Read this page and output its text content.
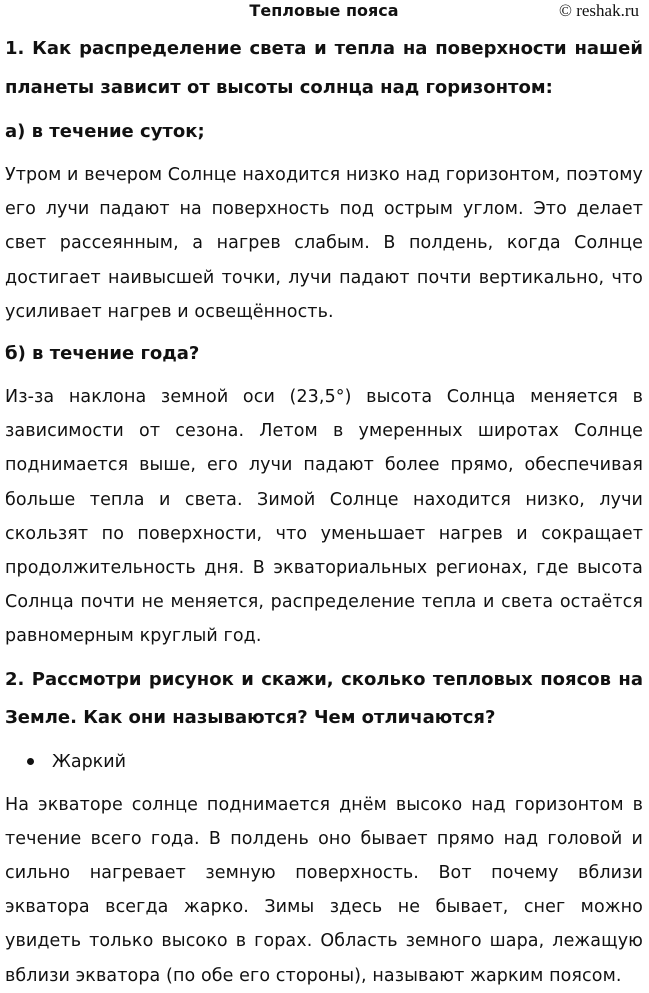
Тепловые пояса	© reshak.ru
1. Как распределение света и тепла на поверхности нашей планеты зависит от высоты солнца над горизонтом:
а) в течение суток;
Утром и вечером Солнце находится низко над горизонтом, поэтому его лучи падают на поверхность под острым углом. Это делает свет рассеянным, а нагрев слабым. В полдень, когда Солнце достигает наивысшей точки, лучи падают почти вертикально, что усиливает нагрев и освещённость.
б) в течение года?
Из-за наклона земной оси (23,5°) высота Солнца меняется в зависимости от сезона. Летом в умеренных широтах Солнце поднимается выше, его лучи падают более прямо, обеспечивая больше тепла и света. Зимой Солнце находится низко, лучи скользят по поверхности, что уменьшает нагрев и сокращает продолжительность дня. В экваториальных регионах, где высота Солнца почти не меняется, распределение тепла и света остаётся равномерным круглый год.
2. Рассмотри рисунок и скажи, сколько тепловых поясов на Земле. Как они называются? Чем отличаются?
Жаркий
На экваторе солнце поднимается днём высоко над горизонтом в течение всего года. В полдень оно бывает прямо над головой и сильно нагревает земную поверхность. Вот почему вблизи экватора всегда жарко. Зимы здесь не бывает, снег можно увидеть только высоко в горах. Область земного шара, лежащую вблизи экватора (по обе его стороны), называют жарким поясом.
